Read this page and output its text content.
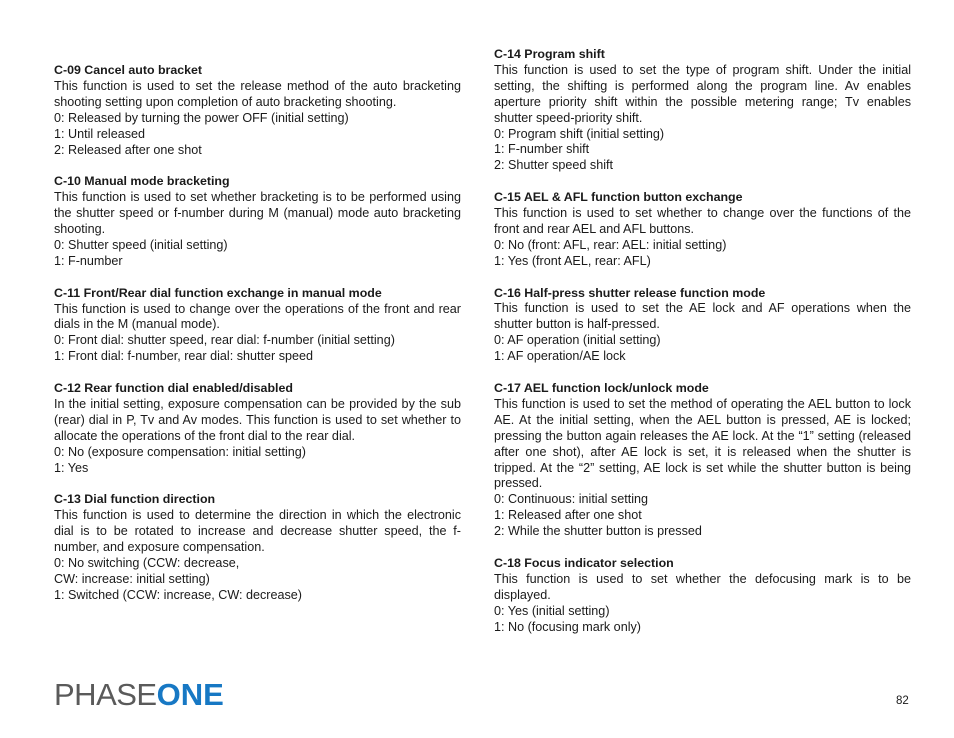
C-09 Cancel auto bracket
This function is used to set the release method of the auto bracketing shooting setting upon completion of auto bracketing shooting.
0: Released by turning the power OFF (initial setting)
1: Until released
2: Released after one shot
C-10 Manual mode bracketing
This function is used to set whether bracketing is to be performed using the shutter speed or f-number during M (manual) mode auto bracketing shooting.
0: Shutter speed (initial setting)
1: F-number
C-11 Front/Rear dial function exchange in manual mode
This function is used to change over the operations of the front and rear dials in the M (manual mode).
0: Front dial: shutter speed, rear dial: f-number (initial setting)
1: Front dial: f-number, rear dial: shutter speed
C-12 Rear function dial enabled/disabled
In the initial setting, exposure compensation can be provided by the sub (rear) dial in P, Tv and Av modes. This function is used to set whether to allocate the operations of the front dial to the rear dial.
0: No (exposure compensation: initial setting)
1: Yes
C-13 Dial function direction
This function is used to determine the direction in which the electronic dial is to be rotated to increase and decrease shutter speed, the f-number, and exposure compensation.
0: No switching (CCW: decrease,
CW: increase: initial setting)
1: Switched (CCW: increase, CW: decrease)
C-14 Program shift
This function is used to set the type of program shift. Under the initial setting, the shifting is performed along the program line. Av enables aperture priority shift within the possible metering range; Tv enables shutter speed-priority shift.
0: Program shift (initial setting)
1: F-number shift
2: Shutter speed shift
C-15 AEL & AFL function button exchange
This function is used to set whether to change over the functions of the front and rear AEL and AFL buttons.
0: No (front: AFL, rear: AEL: initial setting)
1: Yes (front AEL, rear: AFL)
C-16 Half-press shutter release function mode
This function is used to set the AE lock and AF operations when the shutter button is half-pressed.
0: AF operation (initial setting)
1: AF operation/AE lock
C-17 AEL function lock/unlock mode
This function is used to set the method of operating the AEL button to lock AE. At the initial setting, when the AEL button is pressed, AE is locked; pressing the button again releases the AE lock. At the “1” setting (released after one shot), after AE lock is set, it is released when the shutter is tripped. At the “2” setting, AE lock is set while the shutter button is being pressed.
0: Continuous: initial setting
1: Released after one shot
2: While the shutter button is pressed
C-18 Focus indicator selection
This function is used to set whether the defocusing mark is to be displayed.
0: Yes (initial setting)
1: No (focusing mark only)
PHASE ONE	82
